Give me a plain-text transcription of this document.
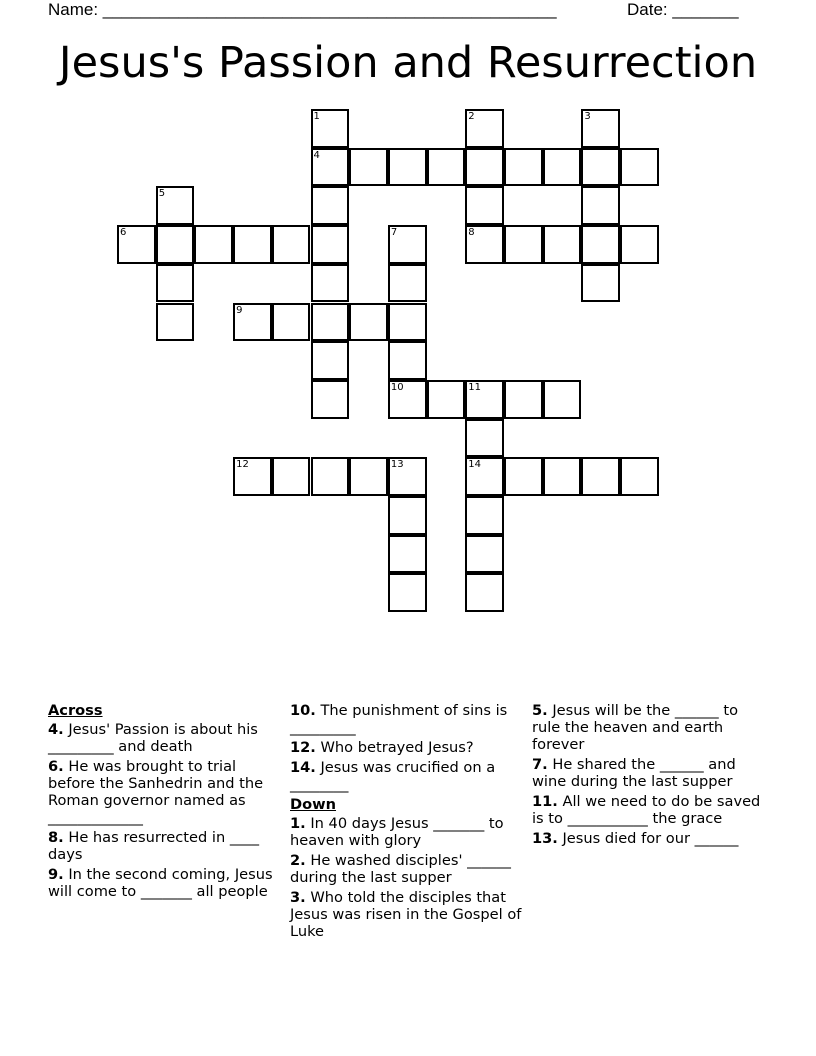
Name: ________________________________________________	Date: _______
Jesus's Passion and Resurrection
1
4
2
8
3
5
6	7
10
9
11
14
12	13
Across
4. Jesus' Passion is about his _________ and death
6. He was brought to trial before the Sanhedrin and the Roman governor named as _____________
8. He has resurrected in ____ days
9. In the second coming, Jesus will come to _______ all people
10. The punishment of sins is _________
12. Who betrayed Jesus?
14. Jesus was crucified on a ________
Down
1. In 40 days Jesus _______ to heaven with glory
2. He washed disciples' ______ during the last supper
3. Who told the disciples that Jesus was risen in the Gospel of Luke
5. Jesus will be the ______ to rule the heaven and earth forever
7. He shared the ______ and wine during the last supper
11. All we need to do be saved is to ___________ the grace
13. Jesus died for our ______
